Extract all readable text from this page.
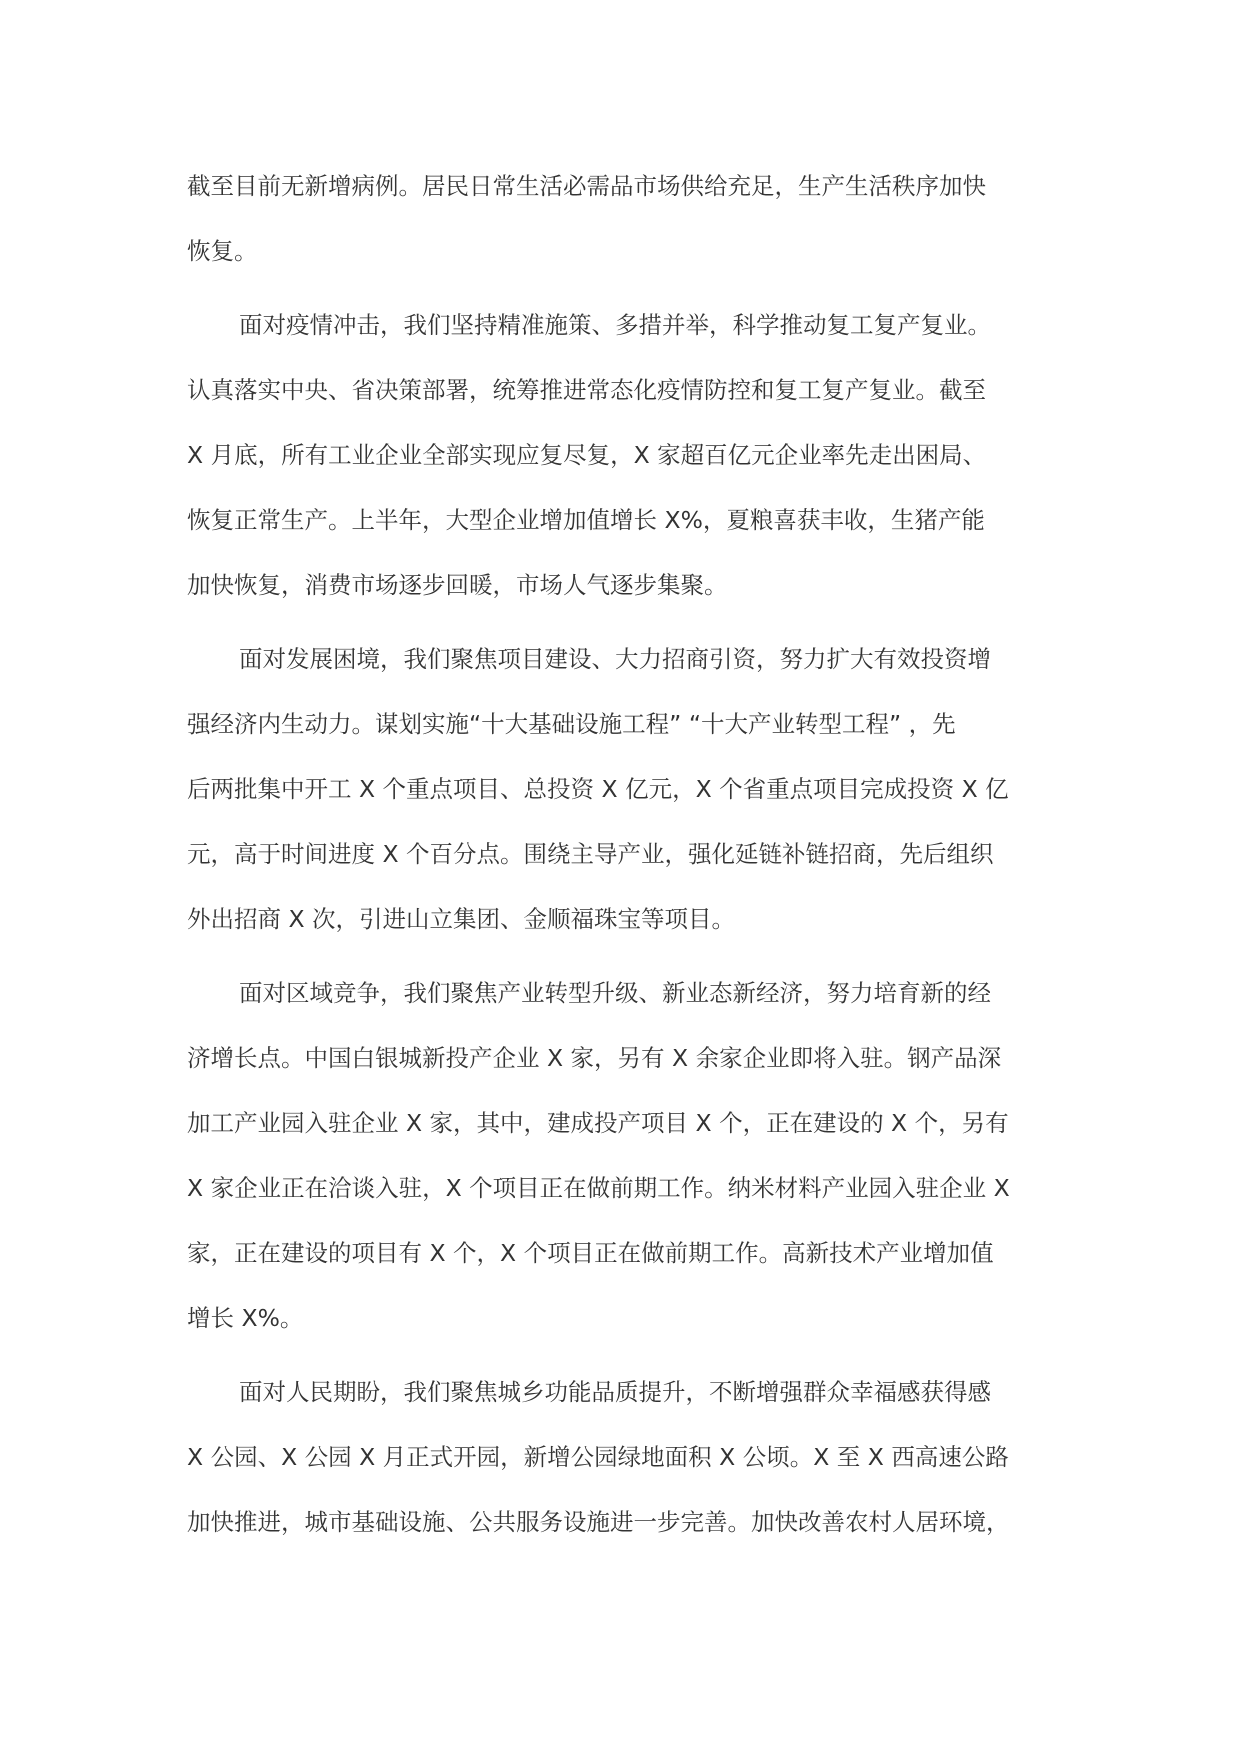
截至目前无新增病例。居民日常生活必需品市场供给充足，生产生活秩序加快
恢复。
面对疫情冲击，我们坚持精准施策、多措并举，科学推动复工复产复业。
认真落实中央、省决策部署，统筹推进常态化疫情防控和复工复产复业。截至
X 月底，所有工业企业全部实现应复尽复，X 家超百亿元企业率先走出困局、
恢复正常生产。上半年，大型企业增加值增长 X%，夏粮喜获丰收，生猪产能
加快恢复，消费市场逐步回暖，市场人气逐步集聚。
面对发展困境，我们聚焦项目建设、大力招商引资，努力扩大有效投资增
强经济内生动力。谋划实施“十大基础设施工程” “十大产业转型工程” ，先
后两批集中开工 X 个重点项目、总投资 X 亿元，X 个省重点项目完成投资 X 亿
元，高于时间进度 X 个百分点。围绕主导产业，强化延链补链招商，先后组织
外出招商 X 次，引进山立集团、金顺福珠宝等项目。
面对区域竞争，我们聚焦产业转型升级、新业态新经济，努力培育新的经
济增长点。中国白银城新投产企业 X 家，另有 X 余家企业即将入驻。钢产品深
加工产业园入驻企业 X 家，其中，建成投产项目 X 个，正在建设的 X 个，另有
X 家企业正在洽谈入驻，X 个项目正在做前期工作。纳米材料产业园入驻企业 X
家，正在建设的项目有 X 个，X 个项目正在做前期工作。高新技术产业增加值
增长 X%。
面对人民期盼，我们聚焦城乡功能品质提升，不断增强群众幸福感获得感
X 公园、X 公园 X 月正式开园，新增公园绿地面积 X 公顷。X 至 X 西高速公路
加快推进，城市基础设施、公共服务设施进一步完善。加快改善农村人居环境，
